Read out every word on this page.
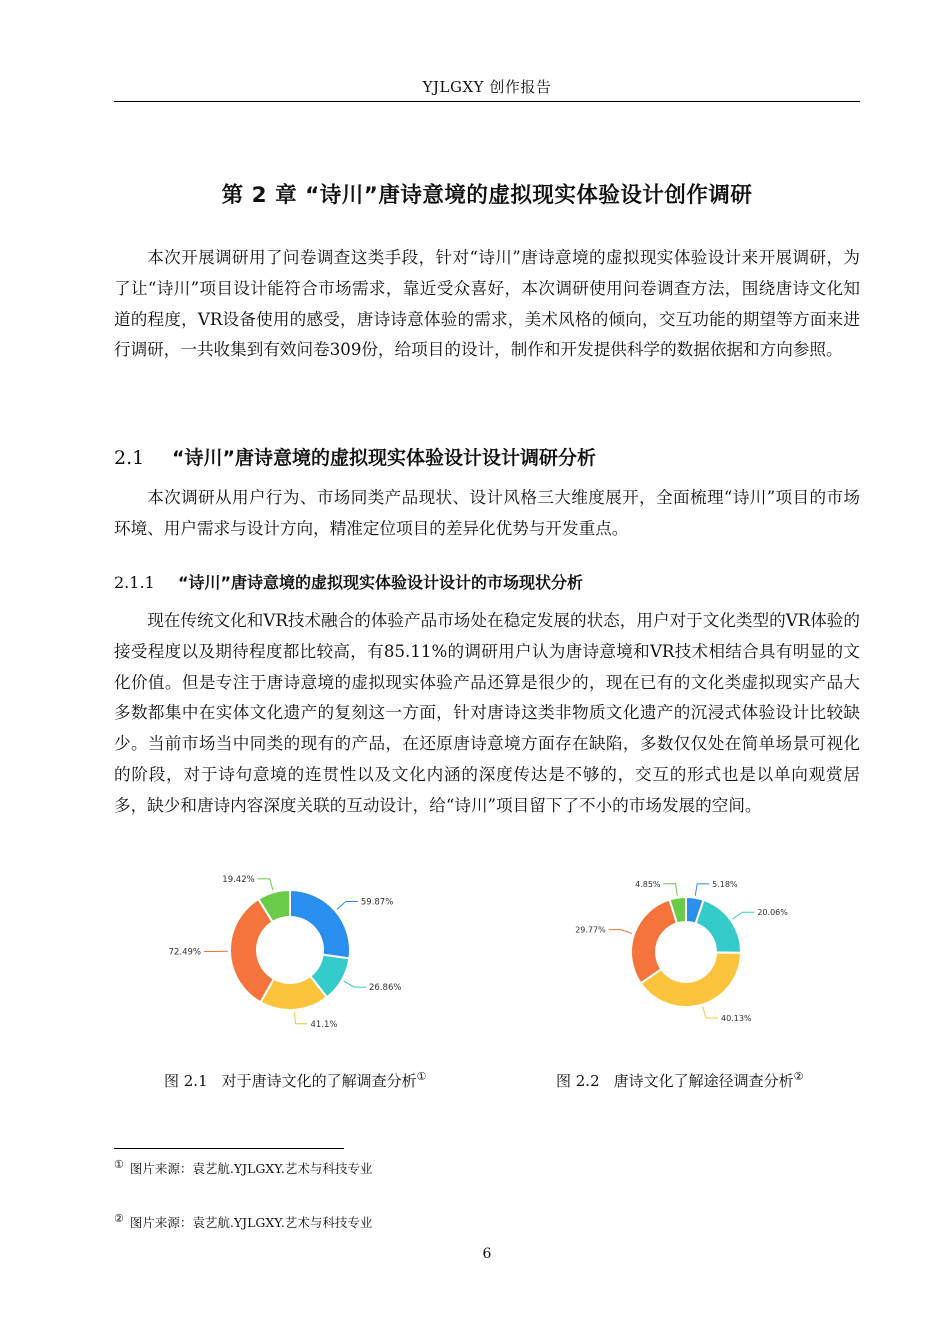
YJLGXY 创作报告
第 2 章 “诗川”唐诗意境的虚拟现实体验设计创作调研

本次开展调研用了问卷调查这类手段，针对“诗川”唐诗意境的虚拟现实体验设计来开展调研，为了让“诗川”项目设计能符合市场需求，靠近受众喜好，本次调研使用问卷调查方法，围绕唐诗文化知道的程度，VR设备使用的感受，唐诗诗意体验的需求，美术风格的倾向，交互功能的期望等方面来进行调研，一共收集到有效问卷309份，给项目的设计，制作和开发提供科学的数据依据和方向参照。

2.1 “诗川”唐诗意境的虚拟现实体验设计设计调研分析

本次调研从用户行为、市场同类产品现状、设计风格三大维度展开，全面梳理“诗川”项目的市场环境、用户需求与设计方向，精准定位项目的差异化优势与开发重点。

2.1.1 “诗川”唐诗意境的虚拟现实体验设计设计的市场现状分析

现在传统文化和VR技术融合的体验产品市场处在稳定发展的状态，用户对于文化类型的VR体验的接受程度以及期待程度都比较高，有85.11%的调研用户认为唐诗意境和VR技术相结合具有明显的文化价值。但是专注于唐诗意境的虚拟现实体验产品还算是很少的，现在已有的文化类虚拟现实产品大多数都集中在实体文化遗产的复刻这一方面，针对唐诗这类非物质文化遗产的沉浸式体验设计比较缺少。当前市场当中同类的现有的产品，在还原唐诗意境方面存在缺陷，多数仅仅处在简单场景可视化的阶段，对于诗句意境的连贯性以及文化内涵的深度传达是不够的，交互的形式也是以单向观赏居多，缺少和唐诗内容深度关联的互动设计，给“诗川”项目留下了不小的市场发展的空间。

59.87%
26.86%
41.1%
72.49%
19.42%	5.18%
20.06%
40.13%
29.77%
4.85%
图 2.1 对于唐诗文化的了解调查分析①	图 2.2 唐诗文化了解途径调查分析②
① 图片来源：袁艺航.YJLGXY.艺术与科技专业
② 图片来源：袁艺航.YJLGXY.艺术与科技专业
6
